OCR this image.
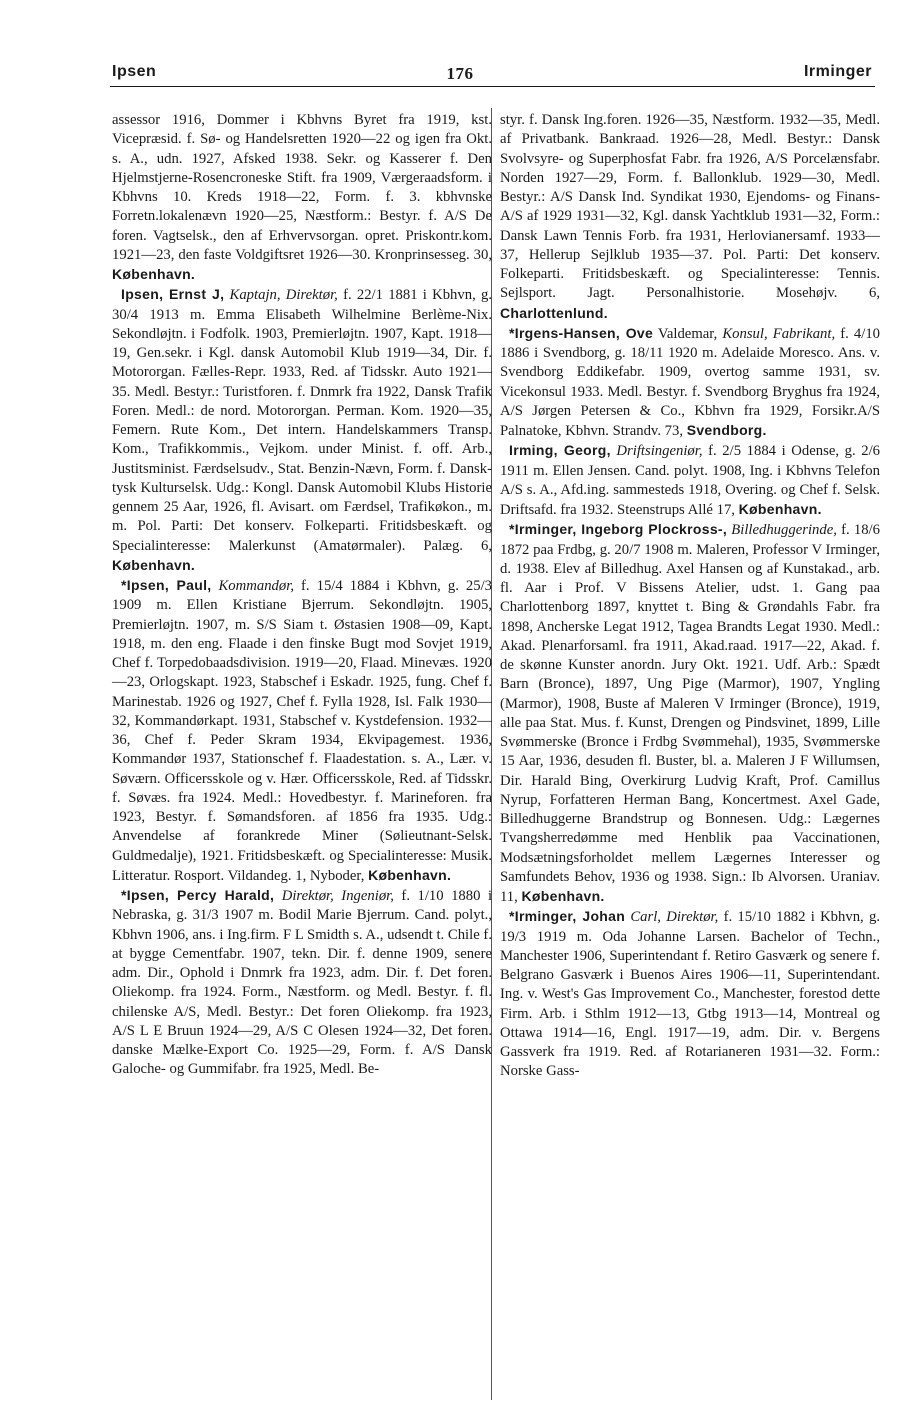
Ipsen	176	Irminger

assessor 1916, Dommer i Kbhvns Byret fra 1919, kst. Vicepræsid. f. Sø- og Handelsretten 1920—22 og igen fra Okt. s. A., udn. 1927, Afsked 1938. Sekr. og Kasserer f. Den Hjelmstjerne-Rosencroneske Stift. fra 1909, Værgeraadsform. i Kbhvns 10. Kreds 1918—22, Form. f. 3. kbhvnske Forretn.lokalenævn 1920—25, Næstform.: Bestyr. f. A/S De foren. Vagtselsk., den af Erhvervsorgan. opret. Priskontr.kom. 1921—23, den faste Voldgiftsret 1926—30. Kronprinsesseg. 30, København.

Ipsen, Ernst J, Kaptajn, Direktør, f. 22/1 1881 i Kbhvn, g. 30/4 1913 m. Emma Elisabeth Wilhelmine Berlème-Nix. Sekondløjtn. i Fodfolk. 1903, Premierløjtn. 1907, Kapt. 1918—19, Gen.sekr. i Kgl. dansk Automobil Klub 1919—34, Dir. f. Motororgan. Fælles-Repr. 1933, Red. af Tidsskr. Auto 1921—35. Medl. Bestyr.: Turistforen. f. Dnmrk fra 1922, Dansk Trafik Foren. Medl.: de nord. Motororgan. Perman. Kom. 1920—35, Femern. Rute Kom., Det intern. Handelskammers Transp. Kom., Trafikkommis., Vejkom. under Minist. f. off. Arb., Justitsminist. Færdselsudv., Stat. Benzin-Nævn, Form. f. Dansk-tysk Kulturselsk. Udg.: Kongl. Dansk Automobil Klubs Historie gennem 25 Aar, 1926, fl. Avisart. om Færdsel, Trafikøkon., m. m. Pol. Parti: Det konserv. Folkeparti. Fritidsbeskæft. og Specialinteresse: Malerkunst (Amatørmaler). Palæg. 6, København.

*Ipsen, Paul, Kommandør, f. 15/4 1884 i Kbhvn, g. 25/3 1909 m. Ellen Kristiane Bjerrum. Sekondløjtn. 1905, Premierløjtn. 1907, m. S/S Siam t. Østasien 1908—09, Kapt. 1918, m. den eng. Flaade i den finske Bugt mod Sovjet 1919, Chef f. Torpedobaadsdivision. 1919—20, Flaad. Minevæs. 1920—23, Orlogskapt. 1923, Stabschef i Eskadr. 1925, fung. Chef f. Marinestab. 1926 og 1927, Chef f. Fylla 1928, Isl. Falk 1930—32, Kommandørkapt. 1931, Stabschef v. Kystdefension. 1932—36, Chef f. Peder Skram 1934, Ekvipagemest. 1936, Kommandør 1937, Stationschef f. Flaadestation. s. A., Lær. v. Søværn. Officersskole og v. Hær. Officersskole, Red. af Tidsskr. f. Søvæs. fra 1924. Medl.: Hovedbestyr. f. Marineforen. fra 1923, Bestyr. f. Sømandsforen. af 1856 fra 1935. Udg.: Anvendelse af forankrede Miner (Sølieutnant-Selsk. Guldmedalje), 1921. Fritidsbeskæft. og Specialinteresse: Musik. Litteratur. Rosport. Vildandeg. 1, Nyboder, København.

*Ipsen, Percy Harald, Direktør, Ingeniør, f. 1/10 1880 i Nebraska, g. 31/3 1907 m. Bodil Marie Bjerrum. Cand. polyt., Kbhvn 1906, ans. i Ing.firm. F L Smidth s. A., udsendt t. Chile f. at bygge Cementfabr. 1907, tekn. Dir. f. denne 1909, senere adm. Dir., Ophold i Dnmrk fra 1923, adm. Dir. f. Det foren. Oliekomp. fra 1924. Form., Næstform. og Medl. Bestyr. f. fl. chilenske A/S, Medl. Bestyr.: Det foren Oliekomp. fra 1923, A/S L E Bruun 1924—29, A/S C Olesen 1924—32, Det foren. danske Mælke-Export Co. 1925—29, Form. f. A/S Dansk Galoche- og Gummifabr. fra 1925, Medl. Be-

styr. f. Dansk Ing.foren. 1926—35, Næstform. 1932—35, Medl. af Privatbank. Bankraad. 1926—28, Medl. Bestyr.: Dansk Svolvsyre- og Superphosfat Fabr. fra 1926, A/S Porcelænsfabr. Norden 1927—29, Form. f. Ballonklub. 1929—30, Medl. Bestyr.: A/S Dansk Ind. Syndikat 1930, Ejendoms- og Finans-A/S af 1929 1931—32, Kgl. dansk Yachtklub 1931—32, Form.: Dansk Lawn Tennis Forb. fra 1931, Herlovianersamf. 1933—37, Hellerup Sejlklub 1935—37. Pol. Parti: Det konserv. Folkeparti. Fritidsbeskæft. og Specialinteresse: Tennis. Sejlsport. Jagt. Personalhistorie. Mosehøjv. 6, Charlottenlund.

*Irgens-Hansen, Ove Valdemar, Konsul, Fabrikant, f. 4/10 1886 i Svendborg, g. 18/11 1920 m. Adelaide Moresco. Ans. v. Svendborg Eddikefabr. 1909, overtog samme 1931, sv. Vicekonsul 1933. Medl. Bestyr. f. Svendborg Bryghus fra 1924, A/S Jørgen Petersen & Co., Kbhvn fra 1929, Forsikr.A/S Palnatoke, Kbhvn. Strandv. 73, Svendborg.

Irming, Georg, Driftsingeniør, f. 2/5 1884 i Odense, g. 2/6 1911 m. Ellen Jensen. Cand. polyt. 1908, Ing. i Kbhvns Telefon A/S s. A., Afd.ing. sammesteds 1918, Overing. og Chef f. Selsk. Driftsafd. fra 1932. Steenstrups Allé 17, København.

*Irminger, Ingeborg Plockross-, Billedhuggerinde, f. 18/6 1872 paa Frdbg, g. 20/7 1908 m. Maleren, Professor V Irminger, d. 1938. Elev af Billedhug. Axel Hansen og af Kunstakad., arb. fl. Aar i Prof. V Bissens Atelier, udst. 1. Gang paa Charlottenborg 1897, knyttet t. Bing & Grøndahls Fabr. fra 1898, Ancherske Legat 1912, Tagea Brandts Legat 1930. Medl.: Akad. Plenarforsaml. fra 1911, Akad.raad. 1917—22, Akad. f. de skønne Kunster anordn. Jury Okt. 1921. Udf. Arb.: Spædt Barn (Bronce), 1897, Ung Pige (Marmor), 1907, Yngling (Marmor), 1908, Buste af Maleren V Irminger (Bronce), 1919, alle paa Stat. Mus. f. Kunst, Drengen og Pindsvinet, 1899, Lille Svømmerske (Bronce i Frdbg Svømmehal), 1935, Svømmerske 15 Aar, 1936, desuden fl. Buster, bl. a. Maleren J F Willumsen, Dir. Harald Bing, Overkirurg Ludvig Kraft, Prof. Camillus Nyrup, Forfatteren Herman Bang, Koncertmest. Axel Gade, Billedhuggerne Brandstrup og Bonnesen. Udg.: Lægernes Tvangsherredømme med Henblik paa Vaccinationen, Modsætningsforholdet mellem Lægernes Interesser og Samfundets Behov, 1936 og 1938. Sign.: Ib Alvorsen. Uraniav. 11, København.

*Irminger, Johan Carl, Direktør, f. 15/10 1882 i Kbhvn, g. 19/3 1919 m. Oda Johanne Larsen. Bachelor of Techn., Manchester 1906, Superintendant f. Retiro Gasværk og senere f. Belgrano Gasværk i Buenos Aires 1906—11, Superintendant. Ing. v. West's Gas Improvement Co., Manchester, forestod dette Firm. Arb. i Sthlm 1912—13, Gtbg 1913—14, Montreal og Ottawa 1914—16, Engl. 1917—19, adm. Dir. v. Bergens Gassverk fra 1919. Red. af Rotarianeren 1931—32. Form.: Norske Gass-
